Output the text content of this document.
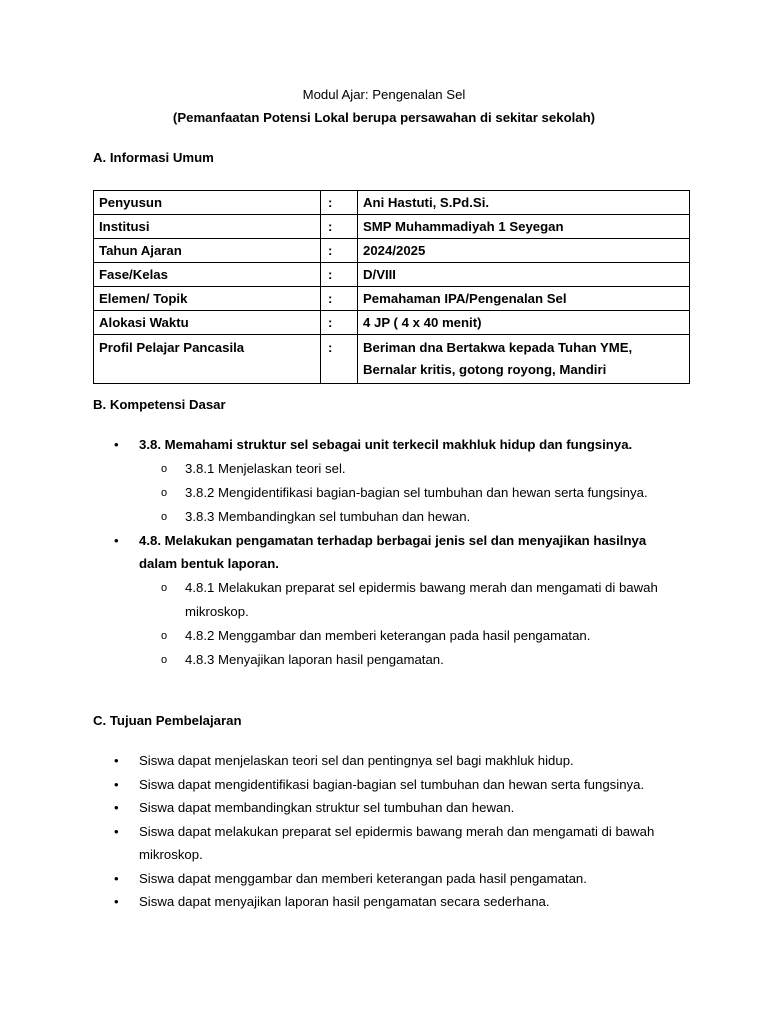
Modul Ajar: Pengenalan Sel
(Pemanfaatan Potensi Lokal berupa persawahan di sekitar sekolah)
A. Informasi Umum
Penyusun	:	Ani Hastuti, S.Pd.Si.
Institusi	:	SMP Muhammadiyah 1 Seyegan
Tahun Ajaran	:	2024/2025
Fase/Kelas	:	D/VIII
Elemen/ Topik	:	Pemahaman IPA/Pengenalan Sel
Alokasi Waktu	:	4 JP ( 4 x 40 menit)
Profil Pelajar Pancasila	:	Beriman dna Bertakwa kepada Tuhan YME, Bernalar kritis, gotong royong, Mandiri
B. Kompetensi Dasar
• 3.8. Memahami struktur sel sebagai unit terkecil makhluk hidup dan fungsinya.
o 3.8.1 Menjelaskan teori sel.
o 3.8.2 Mengidentifikasi bagian-bagian sel tumbuhan dan hewan serta fungsinya.
o 3.8.3 Membandingkan sel tumbuhan dan hewan.
• 4.8. Melakukan pengamatan terhadap berbagai jenis sel dan menyajikan hasilnya dalam bentuk laporan.
o 4.8.1 Melakukan preparat sel epidermis bawang merah dan mengamati di bawah mikroskop.
o 4.8.2 Menggambar dan memberi keterangan pada hasil pengamatan.
o 4.8.3 Menyajikan laporan hasil pengamatan.
C. Tujuan Pembelajaran
• Siswa dapat menjelaskan teori sel dan pentingnya sel bagi makhluk hidup.
• Siswa dapat mengidentifikasi bagian-bagian sel tumbuhan dan hewan serta fungsinya.
• Siswa dapat membandingkan struktur sel tumbuhan dan hewan.
• Siswa dapat melakukan preparat sel epidermis bawang merah dan mengamati di bawah mikroskop.
• Siswa dapat menggambar dan memberi keterangan pada hasil pengamatan.
• Siswa dapat menyajikan laporan hasil pengamatan secara sederhana.
